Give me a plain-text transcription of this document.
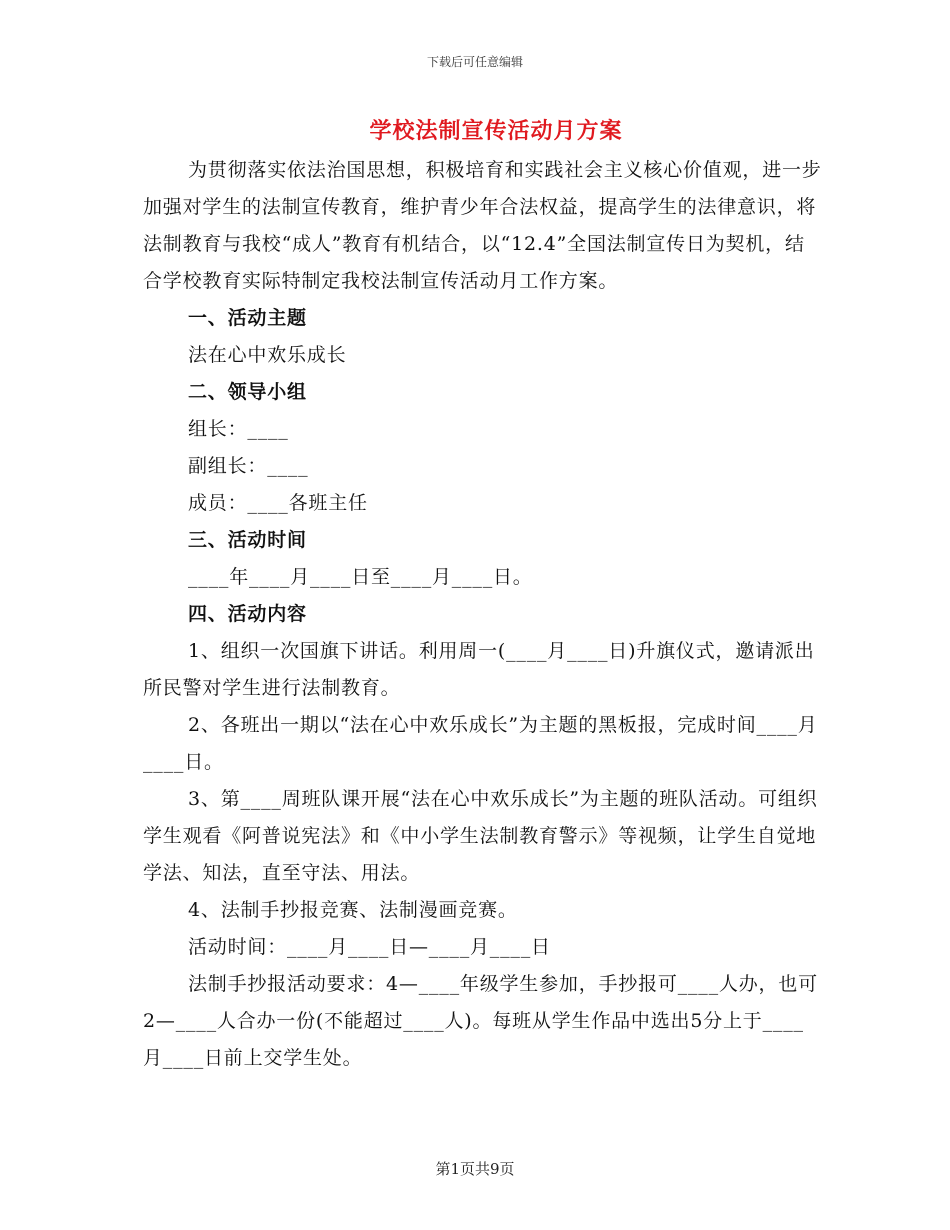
下载后可任意编辑
学校法制宣传活动月方案

为贯彻落实依法治国思想，积极培育和实践社会主义核心价值观，进一步加强对学生的法制宣传教育，维护青少年合法权益，提高学生的法律意识，将法制教育与我校“成人”教育有机结合，以“12.4”全国法制宣传日为契机，结合学校教育实际特制定我校法制宣传活动月工作方案。

一、活动主题

法在心中欢乐成长

二、领导小组

组长：____

副组长：____

成员：____各班主任

三、活动时间

____年____月____日至____月____日。

四、活动内容

1、组织一次国旗下讲话。利用周一(____月____日)升旗仪式，邀请派出所民警对学生进行法制教育。

2、各班出一期以“法在心中欢乐成长”为主题的黑板报，完成时间____月____日。

3、第____周班队课开展“法在心中欢乐成长”为主题的班队活动。可组织学生观看《阿普说宪法》和《中小学生法制教育警示》等视频，让学生自觉地学法、知法，直至守法、用法。

4、法制手抄报竞赛、法制漫画竞赛。

活动时间：____月____日—____月____日

法制手抄报活动要求：4—____年级学生参加，手抄报可____人办，也可2—____人合办一份(不能超过____人)。每班从学生作品中选出5分上于____月____日前上交学生处。

第1页共9页
